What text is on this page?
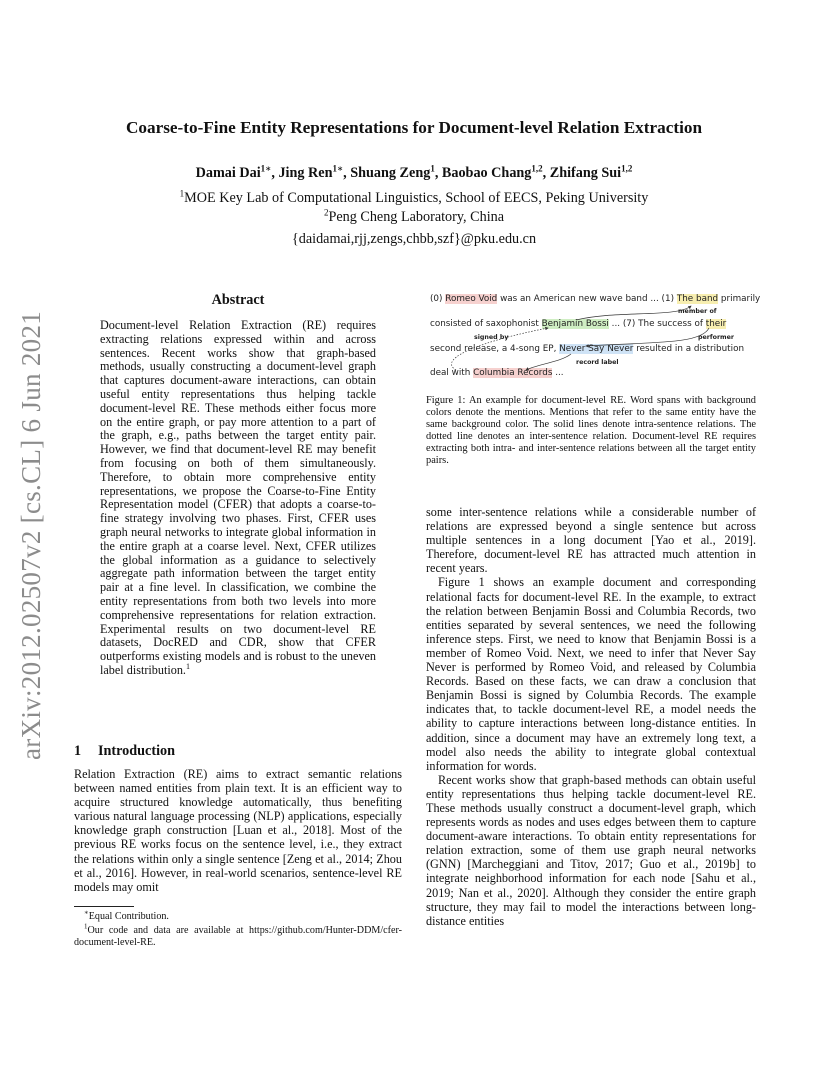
arXiv:2012.02507v2 [cs.CL] 6 Jun 2021
Coarse-to-Fine Entity Representations for Document-level Relation Extraction
Damai Dai$^{1∗}$, Jing Ren$^{1∗}$, Shuang Zeng$^1$, Baobao Chang$^{1,2}$, Zhifang Sui$^{1,2}$
$^1$MOE Key Lab of Computational Linguistics, School of EECS, Peking University
$^2$Peng Cheng Laboratory, China
{daidamai,rjj,zengs,chbb,szf}@pku.edu.cn
Abstract
Document-level Relation Extraction (RE) requires extracting relations expressed within and across sentences. Recent works show that graph-based methods, usually constructing a document-level graph that captures document-aware interactions, can obtain useful entity representations thus helping tackle document-level RE. These methods either focus more on the entire graph, or pay more attention to a part of the graph, e.g., paths between the target entity pair. However, we find that document-level RE may benefit from focusing on both of them simultaneously. Therefore, to obtain more comprehensive entity representations, we propose the Coarse-to-Fine Entity Representation model (CFER) that adopts a coarse-to-fine strategy involving two phases. First, CFER uses graph neural networks to integrate global information in the entire graph at a coarse level. Next, CFER utilizes the global information as a guidance to selectively aggregate path information between the target entity pair at a fine level. In classification, we combine the entity representations from both two levels into more comprehensive representations for relation extraction. Experimental results on two document-level RE datasets, DocRED and CDR, show that CFER outperforms existing models and is robust to the uneven label distribution.$^1$
1 Introduction
Relation Extraction (RE) aims to extract semantic relations between named entities from plain text. It is an efficient way to acquire structured knowledge automatically, thus benefiting various natural language processing (NLP) applications, especially knowledge graph construction [Luan et al., 2018]. Most of the previous RE works focus on the sentence level, i.e., they extract the relations within only a single sentence [Zeng et al., 2014; Zhou et al., 2016]. However, in real-world scenarios, sentence-level RE models may omit
∗Equal Contribution.
$^1$Our code and data are available at https://github.com/Hunter-DDM/cfer-document-level-RE.
(0) Romeo Void was an American new wave band ... (1) The band primarily
consisted of saxophonist Benjamin Bossi ... (7) The success of their
second release, a 4-song EP, Never Say Never resulted in a distribution
deal with Columbia Records ...
member of
signed by	performer
record label
Figure 1: An example for document-level RE. Word spans with background colors denote the mentions. Mentions that refer to the same entity have the same background color. The solid lines denote intra-sentence relations. The dotted line denotes an inter-sentence relation. Document-level RE requires extracting both intra- and inter-sentence relations between all the target entity pairs.

some inter-sentence relations while a considerable number of relations are expressed beyond a single sentence but across multiple sentences in a long document [Yao et al., 2019]. Therefore, document-level RE has attracted much attention in recent years.

Figure 1 shows an example document and corresponding relational facts for document-level RE. In the example, to extract the relation between Benjamin Bossi and Columbia Records, two entities separated by several sentences, we need the following inference steps. First, we need to know that Benjamin Bossi is a member of Romeo Void. Next, we need to infer that Never Say Never is performed by Romeo Void, and released by Columbia Records. Based on these facts, we can draw a conclusion that Benjamin Bossi is signed by Columbia Records. The example indicates that, to tackle document-level RE, a model needs the ability to capture interactions between long-distance entities. In addition, since a document may have an extremely long text, a model also needs the ability to integrate global contextual information for words.

Recent works show that graph-based methods can obtain useful entity representations thus helping tackle document-level RE. These methods usually construct a document-level graph, which represents words as nodes and uses edges between them to capture document-aware interactions. To obtain entity representations for relation extraction, some of them use graph neural networks (GNN) [Marcheggiani and Titov, 2017; Guo et al., 2019b] to integrate neighborhood information for each node [Sahu et al., 2019; Nan et al., 2020]. Although they consider the entire graph structure, they may fail to model the interactions between long-distance entities
